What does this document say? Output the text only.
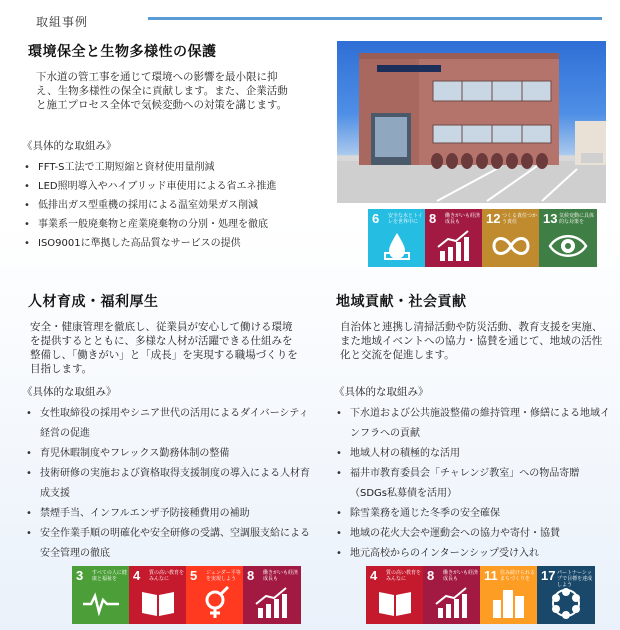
取組事例
環境保全と生物多様性の保護
下水道の管工事を通じて環境への影響を最小限に抑え、生物多様性の保全に貢献します。また、企業活動と施工プロセス全体で気候変動への対策を講じます。
《具体的な取組み》
• FFT-S工法で工期短縮と資材使用量削減
• LED照明導入やハイブリッド車使用による省エネ推進
• 低排出ガス型重機の採用による温室効果ガス削減
• 事業系一般廃棄物と産業廃棄物の分別・処理を徹底
• ISO9001に準拠した高品質なサービスの提供
6 安全な水とトイレを世界中に 8 働きがいも経済成長も	12 つくる責任つかう責任	13 気候変動に具体的な対策を
人材育成・福利厚生
安全・健康管理を徹底し、従業員が安心して働ける環境を提供するとともに、多様な人材が活躍できる仕組みを整備し、「働きがい」と「成長」を実現する職場づくりを目指します。
《具体的な取組み》
• 女性取締役の採用やシニア世代の活用によるダイバーシティ経営の促進
• 育児休暇制度やフレックス勤務体制の整備
• 技術研修の実施および資格取得支援制度の導入による人材育成支援
• 禁煙手当、インフルエンザ予防接種費用の補助
• 安全作業手順の明確化や安全研修の受講、空調服支給による安全管理の徹底
3 すべての人に健康と福祉を	4 質の高い教育をみんなに	5 ジェンダー平等を実現しよう 8 働きがいも経済成長も
地域貢献・社会貢献
自治体と連携し清掃活動や防災活動、教育支援を実施、また地域イベントへの協力・協賛を通じて、地域の活性化と交流を促進します。
《具体的な取組み》
• 下水道および公共施設整備の維持管理・修繕による地域インフラへの貢献
• 地域人材の積極的な活用
• 福井市教育委員会「チャレンジ教室」への物品寄贈（SDGs私募債を活用）
• 除雪業務を通じた冬季の安全確保
• 地域の花火大会や運動会への協力や寄付・協賛
• 地元高校からのインターンシップ受け入れ
4 質の高い教育をみんなに	8 働きがいも経済成長も	11 住み続けられるまちづくりを 17 パートナーシップで目標を達成しよう
